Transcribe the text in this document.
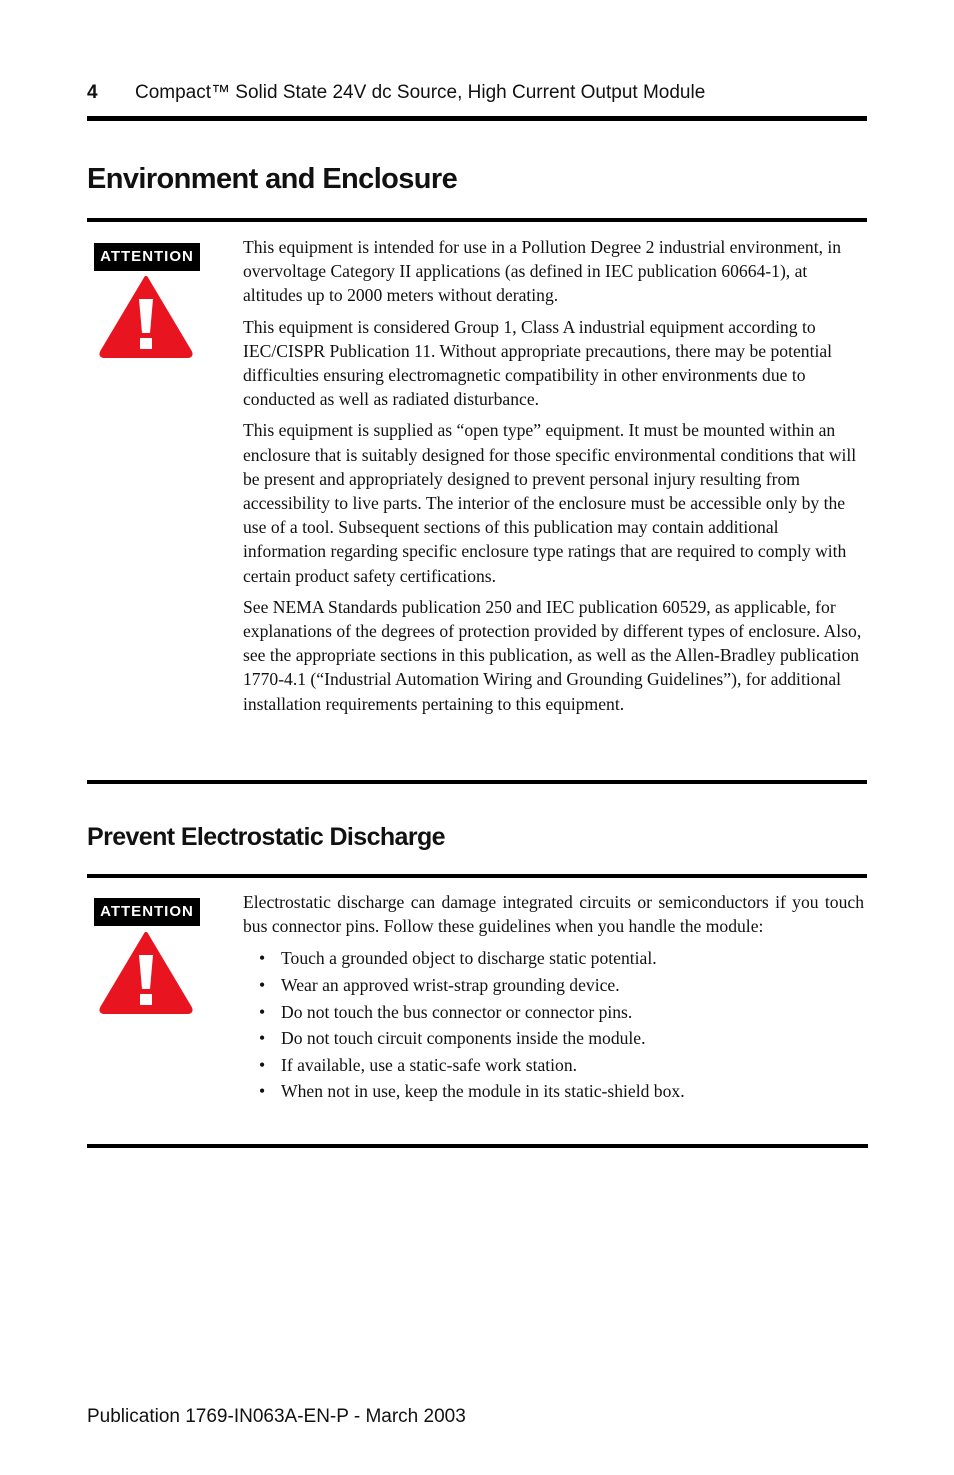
4 Compact™ Solid State 24V dc Source, High Current Output Module
Environment and Enclosure
ATTENTION	This equipment is intended for use in a Pollution Degree 2 industrial environment, in overvoltage Category II applications (as defined in IEC publication 60664-1), at altitudes up to 2000 meters without derating.

This equipment is considered Group 1, Class A industrial equipment according to IEC/CISPR Publication 11. Without appropriate precautions, there may be potential difficulties ensuring electromagnetic compatibility in other environments due to conducted as well as radiated disturbance.

This equipment is supplied as “open type” equipment. It must be mounted within an enclosure that is suitably designed for those specific environmental conditions that will be present and appropriately designed to prevent personal injury resulting from accessibility to live parts. The interior of the enclosure must be accessible only by the use of a tool. Subsequent sections of this publication may contain additional information regarding specific enclosure type ratings that are required to comply with certain product safety certifications.

See NEMA Standards publication 250 and IEC publication 60529, as applicable, for explanations of the degrees of protection provided by different types of enclosure. Also, see the appropriate sections in this publication, as well as the Allen-Bradley publication 1770-4.1 (“Industrial Automation Wiring and Grounding Guidelines”), for additional installation requirements pertaining to this equipment.

Prevent Electrostatic Discharge
ATTENTION	Electrostatic discharge can damage integrated circuits or semiconductors if you touch bus connector pins. Follow these guidelines when you handle the module:

• Touch a grounded object to discharge static potential.
• Wear an approved wrist-strap grounding device.
• Do not touch the bus connector or connector pins.
• Do not touch circuit components inside the module.
• If available, use a static-safe work station.
• When not in use, keep the module in its static-shield box.
Publication 1769-IN063A-EN-P - March 2003
